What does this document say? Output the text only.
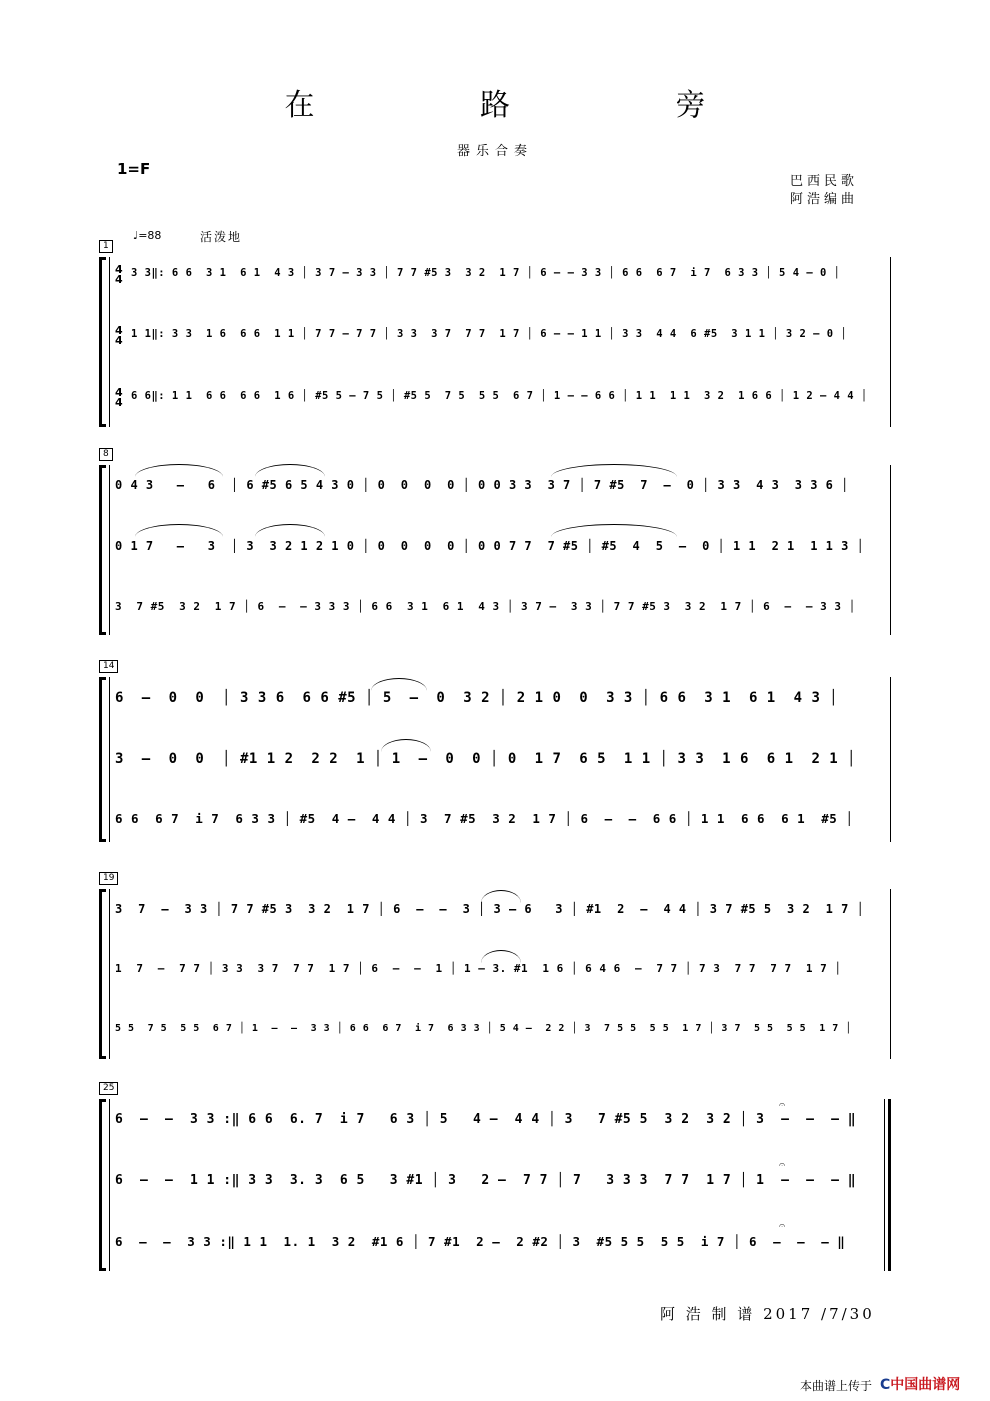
在 路 旁
器乐合奏
1=F
巴西民歌
阿浩编曲
♩=88	活泼地
1
4
4
4
4
4
4
3 3‖: 6 6  3 1  6 1  4 3 │ 3 7 – 3 3 │ 7 7 #5 3  3 2  1 7 │ 6 – – 3 3 │ 6 6  6 7  i 7  6 3 3 │ 5 4 – 0 │
1 1‖: 3 3  1 6  6 6  1 1 │ 7 7 – 7 7 │ 3 3  3 7  7 7  1 7 │ 6 – – 1 1 │ 3 3  4 4  6 #5  3 1 1 │ 3 2 – 0 │
6 6‖: 1 1  6 6  6 6  1 6 │ #5 5 – 7 5 │ #5 5  7 5  5 5  6 7 │ 1 – – 6 6 │ 1 1  1 1  3 2  1 6 6 │ 1 2 – 4 4 │
8
0 4 3   –   6  │ 6 #5 6 5 4 3 0 │ 0  0  0  0 │ 0 0 3 3  3 7 │ 7 #5  7  –  0 │ 3 3  4 3  3 3 6 │
0 1 7   –   3  │ 3  3 2 1 2 1 0 │ 0  0  0  0 │ 0 0 7 7  7 #5 │ #5  4  5  –  0 │ 1 1  2 1  1 1 3 │
3  7 #5  3 2  1 7 │ 6  –  – 3 3 3 │ 6 6  3 1  6 1  4 3 │ 3 7 –  3 3 │ 7 7 #5 3  3 2  1 7 │ 6  –  – 3 3 │
14
6  –  0  0  │ 3 3 6  6 6 #5 │ 5  –  0  3 2 │ 2 1 0  0  3 3 │ 6 6  3 1  6 1  4 3 │
3  –  0  0  │ #1 1 2  2 2  1 │ 1  –  0  0 │ 0  1 7  6 5  1 1 │ 3 3  1 6  6 1  2 1 │
6 6  6 7  i 7  6 3 3 │ #5  4 –  4 4 │ 3  7 #5  3 2  1 7 │ 6  –  –  6 6 │ 1 1  6 6  6 1  #5 │
19
3  7  –  3 3 │ 7 7 #5 3  3 2  1 7 │ 6  –  –  3 │ 3 – 6   3 │ #1  2  –  4 4 │ 3 7 #5 5  3 2  1 7 │
1  7  –  7 7 │ 3 3  3 7  7 7  1 7 │ 6  –  –  1 │ 1 – 3. #1  1 6 │ 6 4 6  –  7 7 │ 7 3  7 7  7 7  1 7 │
5 5  7 5  5 5  6 7 │ 1  –  –  3 3 │ 6 6  6 7  i 7  6 3 3 │ 5 4 –  2 2 │ 3  7 5 5  5 5  1 7 │ 3 7  5 5  5 5  1 7 │
25
𝄐
𝄐
𝄐
6  –  –  3 3 :‖ 6 6  6. 7  i 7   6 3 │ 5   4 –  4 4 │ 3   7 #5 5  3 2  3 2 │ 3  –  –  – ‖
6  –  –  1 1 :‖ 3 3  3. 3  6 5   3 #1 │ 3   2 –  7 7 │ 7   3 3 3  7 7  1 7 │ 1  –  –  – ‖
6  –  –  3 3 :‖ 1 1  1. 1  3 2  #1 6 │ 7 #1  2 –  2 #2 │ 3  #5 5 5  5 5  i 7 │ 6  –  –  – ‖
阿 浩 制 谱 2017 /7/30
本曲谱上传于 C中国曲谱网
